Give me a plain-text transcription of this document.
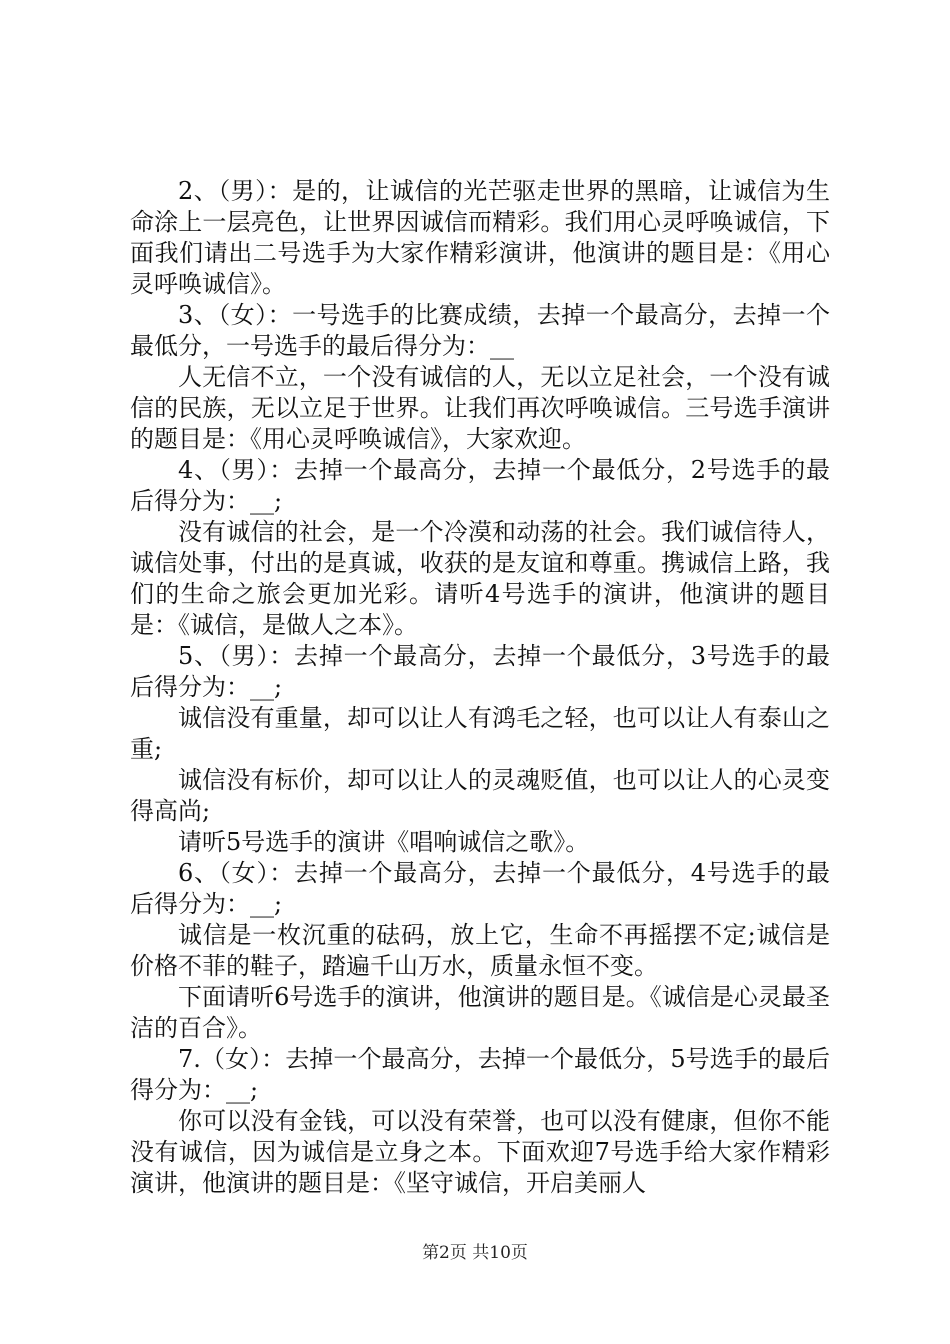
2、（男）：是的，让诚信的光芒驱走世界的黑暗，让诚信为生命涂上一层亮色，让世界因诚信而精彩。我们用心灵呼唤诚信，下面我们请出二号选手为大家作精彩演讲，他演讲的题目是：《用心灵呼唤诚信》。

3、（女）：一号选手的比赛成绩，去掉一个最高分，去掉一个最低分，一号选手的最后得分为：__

人无信不立，一个没有诚信的人，无以立足社会，一个没有诚信的民族，无以立足于世界。让我们再次呼唤诚信。三号选手演讲的题目是：《用心灵呼唤诚信》，大家欢迎。

4、（男）：去掉一个最高分，去掉一个最低分，2号选手的最后得分为：__;

没有诚信的社会，是一个冷漠和动荡的社会。我们诚信待人，诚信处事，付出的是真诚，收获的是友谊和尊重。携诚信上路，我们的生命之旅会更加光彩。请听4号选手的演讲，他演讲的题目是：《诚信，是做人之本》。

5、（男）：去掉一个最高分，去掉一个最低分，3号选手的最后得分为：__;

诚信没有重量，却可以让人有鸿毛之轻，也可以让人有泰山之重;

诚信没有标价，却可以让人的灵魂贬值，也可以让人的心灵变得高尚;

请听5号选手的演讲《唱响诚信之歌》。

6、（女）：去掉一个最高分，去掉一个最低分，4号选手的最后得分为：__;

诚信是一枚沉重的砝码，放上它，生命不再摇摆不定;诚信是价格不菲的鞋子，踏遍千山万水，质量永恒不变。

下面请听6号选手的演讲，他演讲的题目是。《诚信是心灵最圣洁的百合》。

7.（女）：去掉一个最高分，去掉一个最低分，5号选手的最后得分为：__;

你可以没有金钱，可以没有荣誉，也可以没有健康，但你不能没有诚信，因为诚信是立身之本。下面欢迎7号选手给大家作精彩演讲，他演讲的题目是：《坚守诚信，开启美丽人

第2页 共10页
